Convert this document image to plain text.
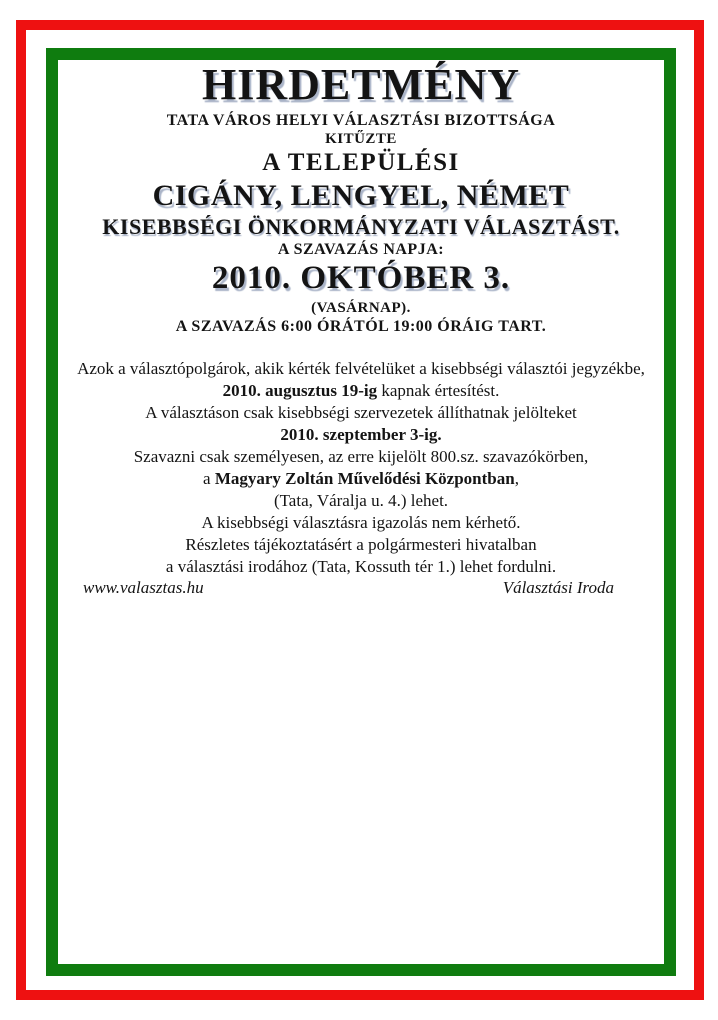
HIRDETMÉNY
TATA VÁROS HELYI VÁLASZTÁSI BIZOTTSÁGA
KITŰZTE
A TELEPÜLÉSI
CIGÁNY, LENGYEL, NÉMET
KISEBBSÉGI ÖNKORMÁNYZATI VÁLASZTÁST.
A SZAVAZÁS NAPJA:
2010. OKTÓBER 3.
(VASÁRNAP).
A SZAVAZÁS 6:00 ÓRÁTÓL 19:00 ÓRÁIG TART.
Azok a választópolgárok, akik kérték felvételüket a kisebbségi választói jegyzékbe,
2010. augusztus 19-ig kapnak értesítést.
A választáson csak kisebbségi szervezetek állíthatnak jelölteket
2010. szeptember 3-ig.
Szavazni csak személyesen, az erre kijelölt 800.sz. szavazókörben,
a Magyary Zoltán Művelődési Központban,
(Tata, Váralja u. 4.) lehet.
A kisebbségi választásra igazolás nem kérhető.
Részletes tájékoztatásért a polgármesteri hivatalban
a választási irodához (Tata, Kossuth tér 1.) lehet fordulni.
www.valasztas.hu	Választási Iroda
